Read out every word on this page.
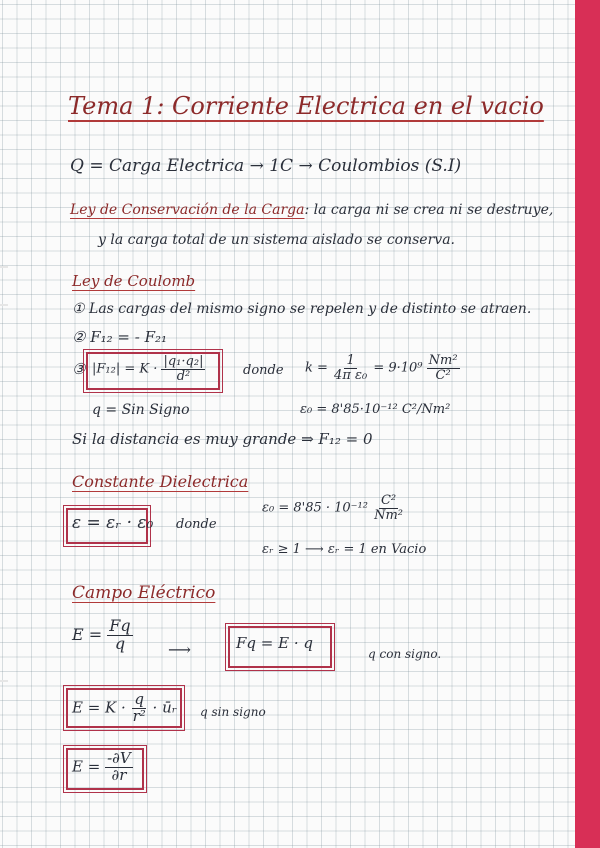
Tema 1: Corriente Electrica en el vacio
Q = Carga Electrica → 1C → Coulombios (S.I)
Ley de Conservación de la Carga: la carga ni se crea ni se destruye,
y la carga total de un sistema aislado se conserva.
Ley de Coulomb
① Las cargas del mismo signo se repelen y de distinto se atraen.
② F₁₂ = - F₂₁
③ $|F_{12}| = K \cdot \frac{\text{|q₁·q₂|}}{\text{d²}}$	donde $k = \frac{1}{\text{4π ε₀}} = 9\cdot 10^9 \frac{\text{Nm²}}{\text{C²}}$
q = Sin Signo	ε₀ = 8'85·10⁻¹² C²/Nm²
Si la distancia es muy grande ⇒ F₁₂ = 0
Constante Dielectrica
ε = εᵣ · ε₀ donde
$\varepsilon_0 = 8'85 \cdot 10^{-12} \frac{\text{C²}}{\text{Nm²}}$
εᵣ ≥ 1 ⟶ εᵣ = 1 en Vacio
Campo Eléctrico
$E = \frac{Fq}{q}$ ⟶	Fq = E · q
q con signo.
$E = K \cdot \frac{q}{\text{r²}}$ · ūᵣ q sin signo
$E = \frac{-\partial V}{\partial r}$
